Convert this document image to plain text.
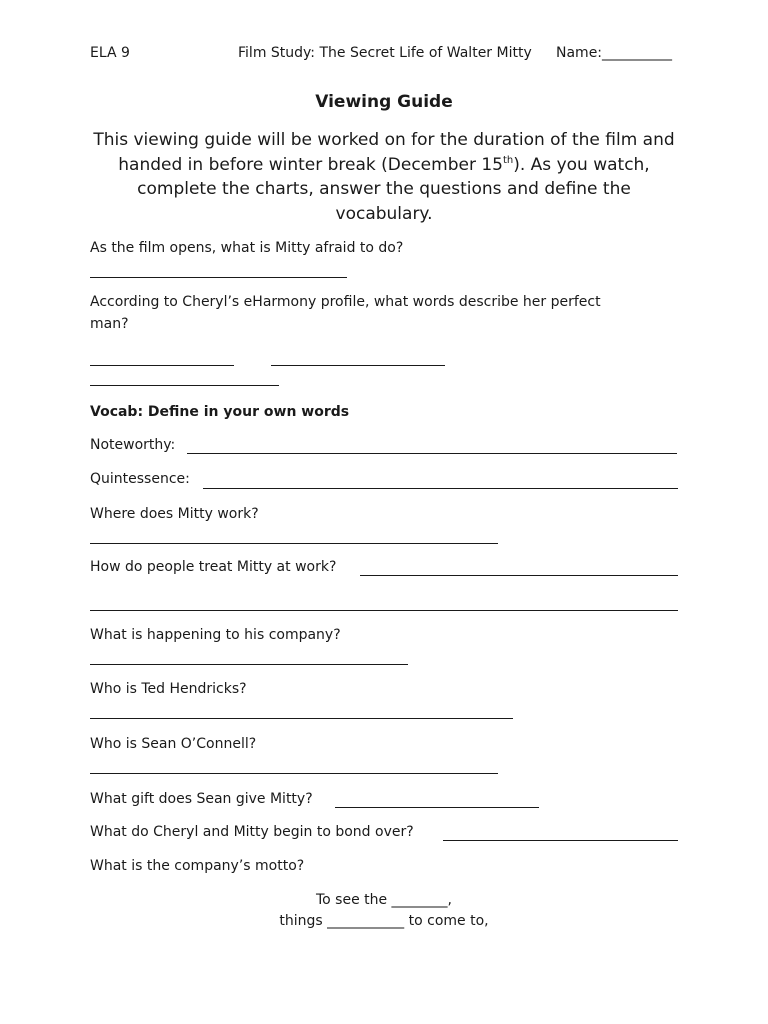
ELA 9	Film Study: The Secret Life of Walter Mitty Name:__________
Viewing Guide
This viewing guide will be worked on for the duration of the film and handed in before winter break (December 15th). As you watch, complete the charts, answer the questions and define the vocabulary.
As the film opens, what is Mitty afraid to do?
According to Cheryl’s eHarmony profile, what words describe her perfect
man?
Vocab: Define in your own words
Noteworthy:
Quintessence:
Where does Mitty work?
How do people treat Mitty at work?
What is happening to his company?
Who is Ted Hendricks?
Who is Sean O’Connell?
What gift does Sean give Mitty?
What do Cheryl and Mitty begin to bond over?
What is the company’s motto?
To see the ________,
things ___________ to come to,
